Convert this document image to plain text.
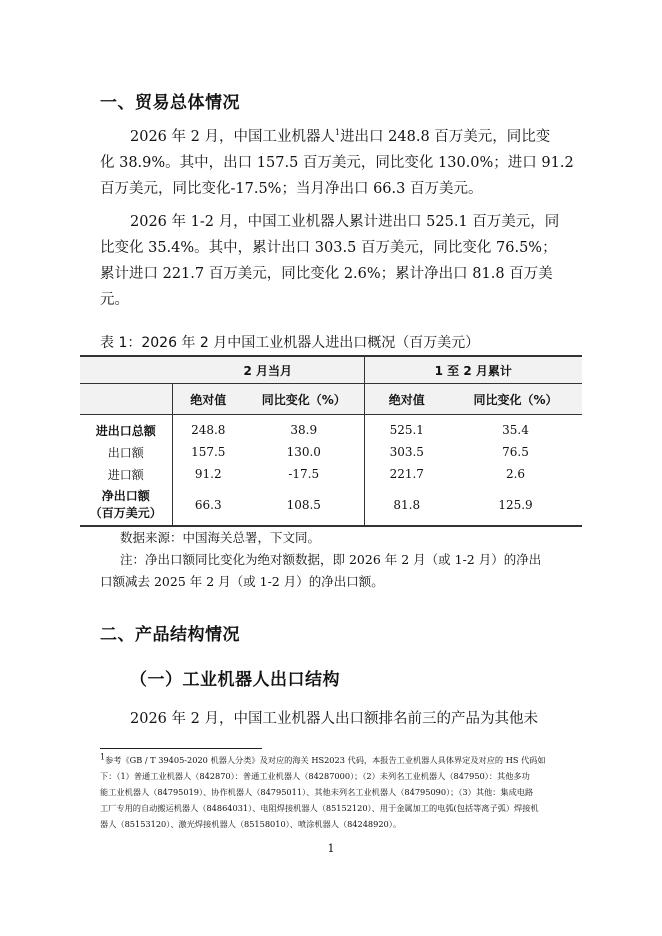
一、贸易总体情况
2026 年 2 月，中国工业机器人$^1$进出口 248.8 百万美元，同比变
化 38.9%。其中，出口 157.5 百万美元，同比变化 130.0%；进口 91.2
百万美元，同比变化-17.5%；当月净出口 66.3 百万美元。
2026 年 1-2 月，中国工业机器人累计进出口 525.1 百万美元，同
比变化 35.4%。其中，累计出口 303.5 百万美元，同比变化 76.5%；
累计进口 221.7 百万美元，同比变化 2.6%；累计净出口 81.8 百万美
元。
表 1：2026 年 2 月中国工业机器人进出口概况（百万美元）
	2 月当月		1 至 2 月累计	
	绝对值	同比变化（%）	绝对值	同比变化（%）
进出口总额	248.8	38.9	525.1	35.4
出口额	157.5	130.0	303.5	76.5
进口额	91.2	-17.5	221.7	2.6
净出口额
（百万美元）	66.3	108.5	81.8	125.9
数据来源：中国海关总署，下文同。
注：净出口额同比变化为绝对额数据，即 2026 年 2 月（或 1-2 月）的净出
口额减去 2025 年 2 月（或 1-2 月）的净出口额。
二、产品结构情况
（一）工业机器人出口结构
2026 年 2 月，中国工业机器人出口额排名前三的产品为其他未
$^1$参考《GB / T 39405-2020 机器人分类》及对应的海关 HS2023 代码，本报告工业机器人具体界定及对应的 HS 代码如
下：（1）普通工业机器人（842870）：普通工业机器人（84287000）；（2）未列名工业机器人（847950）：其他多功
能工业机器人（84795019）、协作机器人（84795011）、其他未列名工业机器人（84795090）；（3）其他：集成电路
工厂专用的自动搬运机器人（84864031）、电阻焊接机器人（85152120）、用于金属加工的电弧(包括等离子弧）焊接机
器人（85153120）、激光焊接机器人（85158010）、喷涂机器人（84248920）。
1
